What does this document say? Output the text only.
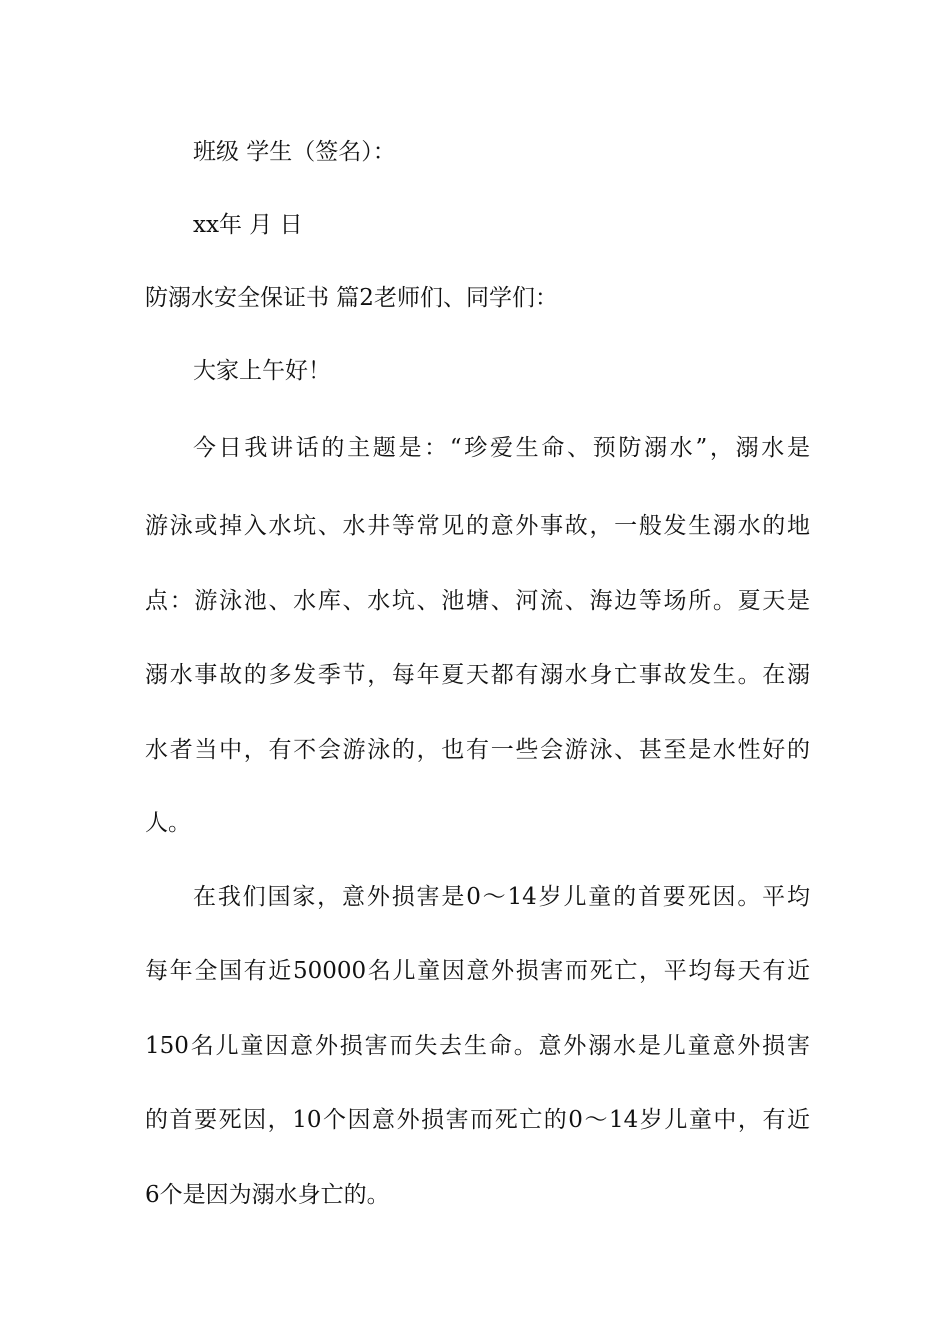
班级 学生（签名）：
xx年 月 日
防溺水安全保证书 篇2老师们、同学们：
大家上午好！
今日我讲话的主题是：“珍爱生命、预防溺水”，溺水是
游泳或掉入水坑、水井等常见的意外事故，一般发生溺水的地
点：游泳池、水库、水坑、池塘、河流、海边等场所。夏天是
溺水事故的多发季节，每年夏天都有溺水身亡事故发生。在溺
水者当中，有不会游泳的，也有一些会游泳、甚至是水性好的
人。
在我们国家，意外损害是0～14岁儿童的首要死因。平均
每年全国有近50000名儿童因意外损害而死亡，平均每天有近
150名儿童因意外损害而失去生命。意外溺水是儿童意外损害
的首要死因，10个因意外损害而死亡的0～14岁儿童中，有近
6个是因为溺水身亡的。
